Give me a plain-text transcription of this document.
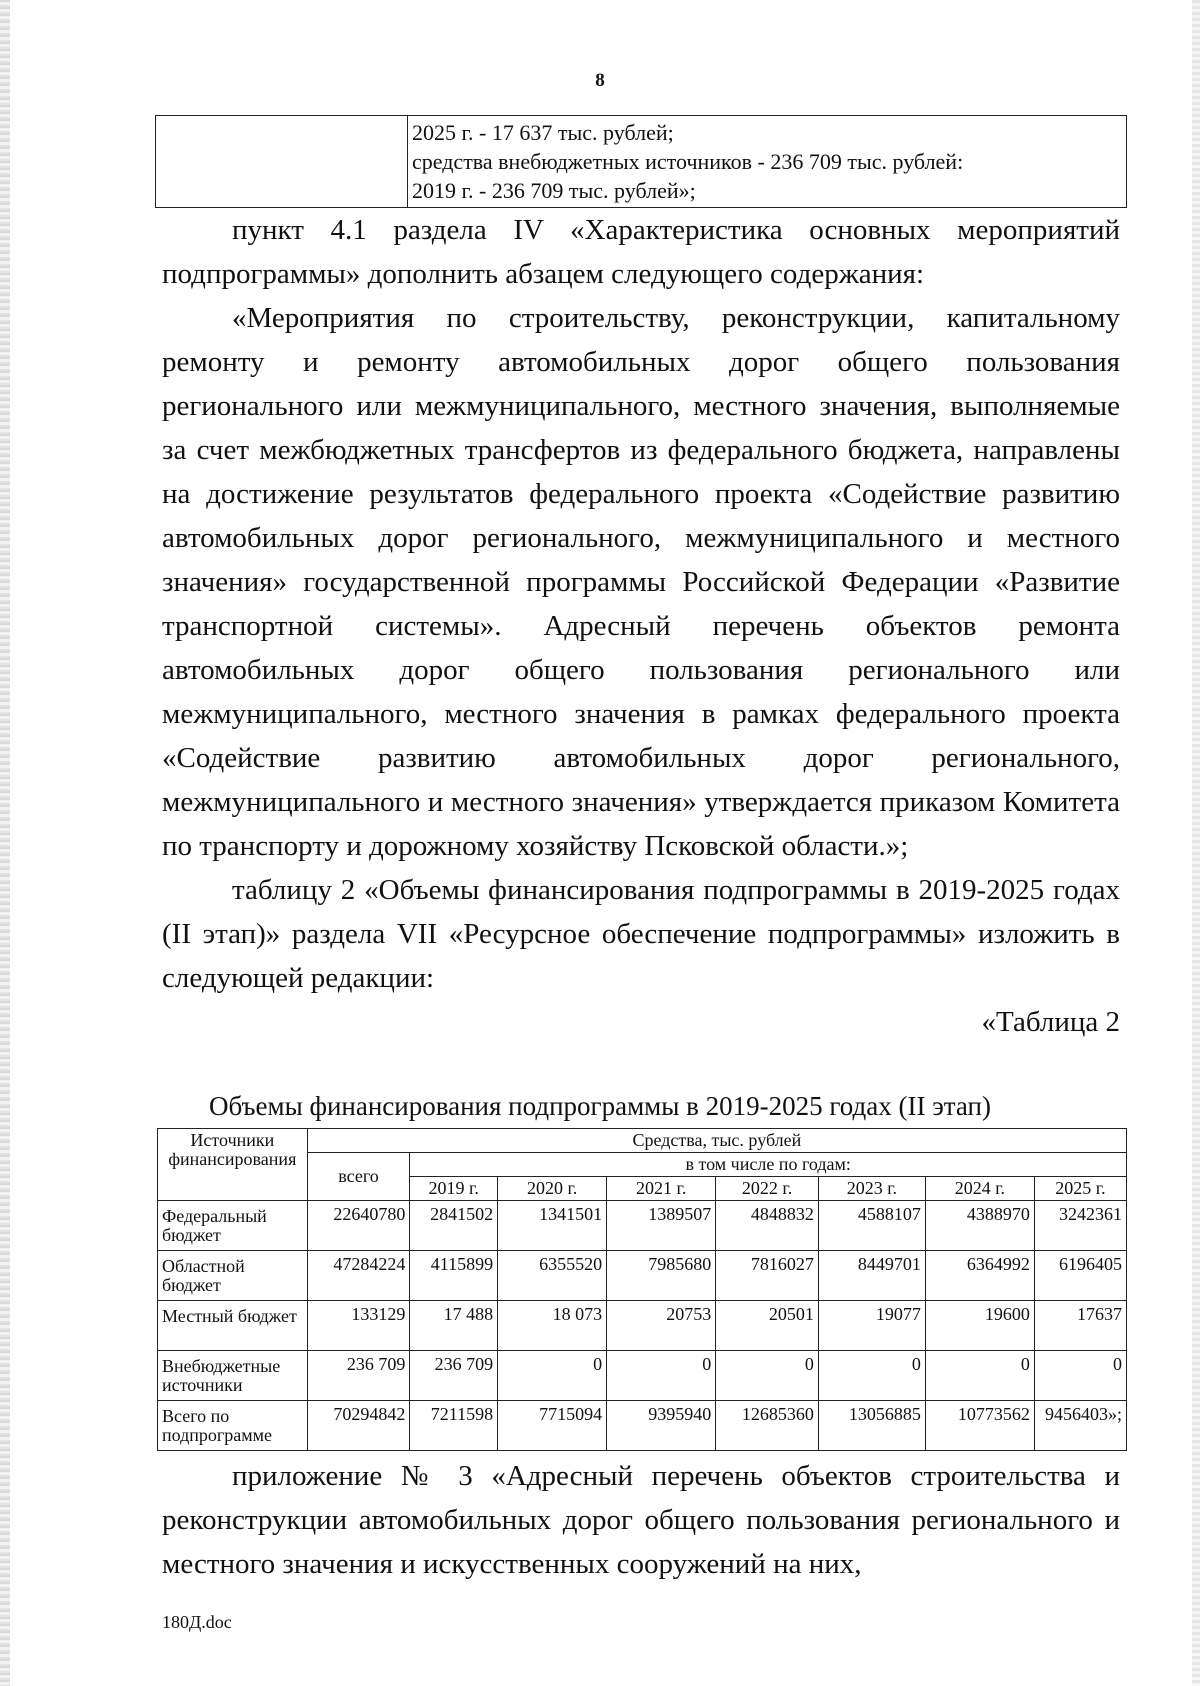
8

2025 г. - 17 637 тыс. рублей;
средства внебюджетных источников - 236 709 тыс. рублей:
2019 г. - 236 709 тыс. рублей»;

пункт 4.1 раздела IV «Характеристика основных мероприятий подпрограммы» дополнить абзацем следующего содержания:

«Мероприятия по строительству, реконструкции, капитальному ремонту и ремонту автомобильных дорог общего пользования регионального или межмуниципального, местного значения, выполняемые за счет межбюджетных трансфертов из федерального бюджета, направлены на достижение результатов федерального проекта «Содействие развитию автомобильных дорог регионального, межмуниципального и местного значения» государственной программы Российской Федерации «Развитие транспортной системы». Адресный перечень объектов ремонта автомобильных дорог общего пользования регионального или межмуниципального, местного значения в рамках федерального проекта «Содействие развитию автомобильных дорог регионального, межмуниципального и местного значения» утверждается приказом Комитета по транспорту и дорожному хозяйству Псковской области.»;

таблицу 2 «Объемы финансирования подпрограммы в 2019-2025 годах (II этап)» раздела VII «Ресурсное обеспечение подпрограммы» изложить в следующей редакции:

«Таблица 2

Объемы финансирования подпрограммы в 2019-2025 годах (II этап)
Источники финансирования	Средства, тыс. рублей							
	всего	в том числе по годам:						
		2019 г.	2020 г.	2021 г.	2022 г.	2023 г.	2024 г.	2025 г.
Федеральный бюджет	22640780	2841502	1341501	1389507	4848832	4588107	4388970	3242361
Областной бюджет	47284224	4115899	6355520	7985680	7816027	8449701	6364992	6196405
Местный бюджет	133129	17 488	18 073	20753	20501	19077	19600	17637
Внебюджетные источники	236 709	236 709	0	0	0	0	0	0
Всего по подпрограмме	70294842	7211598	7715094	9395940	12685360	13056885	10773562	9456403»;

приложение № 3 «Адресный перечень объектов строительства и реконструкции автомобильных дорог общего пользования регионального и местного значения и искусственных сооружений на них,

180Д.doc
